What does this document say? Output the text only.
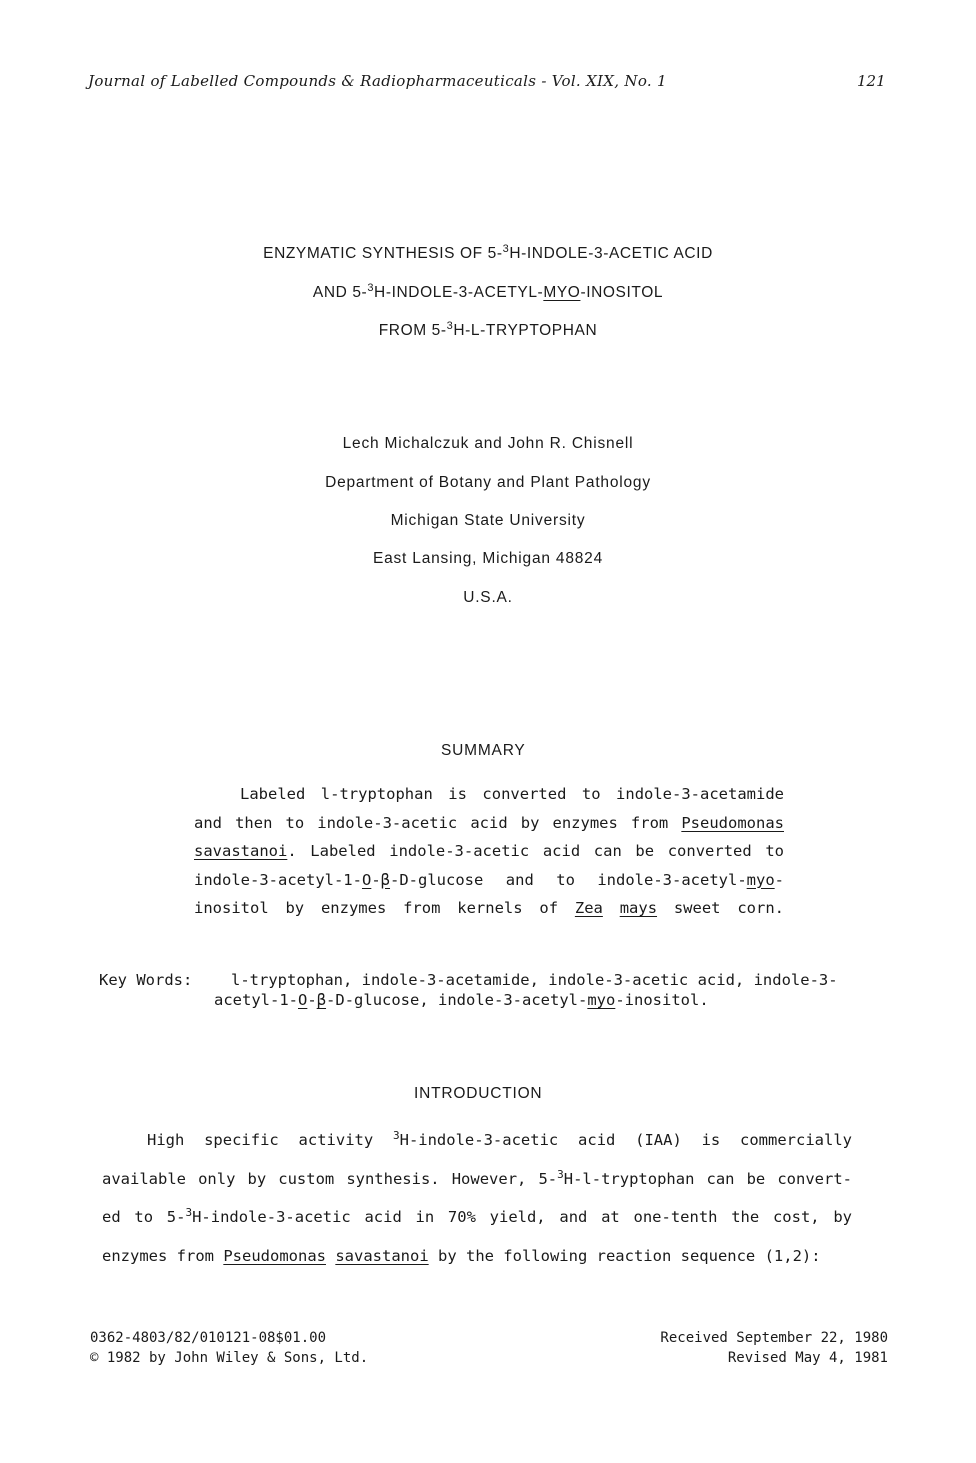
Journal of Labelled Compounds & Radiopharmaceuticals - Vol. XIX, No. 1	121
ENZYMATIC SYNTHESIS OF 5-$^3$H-INDOLE-3-ACETIC ACID
AND 5-$^3$H-INDOLE-3-ACETYL-MYO-INOSITOL
FROM 5-$^3$H-L-TRYPTOPHAN
Lech Michalczuk and John R. Chisnell
Department of Botany and Plant Pathology
Michigan State University
East Lansing, Michigan 48824
U.S.A.
SUMMARY
Labeled l-tryptophan is converted to indole-3-acetamide
and then to indole-3-acetic acid by enzymes from Pseudomonas
savastanoi. Labeled indole-3-acetic acid can be converted to
indole-3-acetyl-1-O-β-D-glucose and to indole-3-acetyl-myo-
inositol by enzymes from kernels of Zea mays sweet corn.
Key Words: l-tryptophan, indole-3-acetamide, indole-3-acetic acid, indole-3-
acetyl-1-O-β-D-glucose, indole-3-acetyl-myo-inositol.
INTRODUCTION
High specific activity $^3$H-indole-3-acetic acid (IAA) is commercially
available only by custom synthesis. However, 5-$^3$H-l-tryptophan can be convert-
ed to 5-$^3$H-indole-3-acetic acid in 70% yield, and at one-tenth the cost, by
enzymes from Pseudomonas savastanoi by the following reaction sequence (1,2):
0362-4803/82/010121-08$01.00
© 1982 by John Wiley & Sons, Ltd.
Received September 22, 1980
Revised May 4, 1981
